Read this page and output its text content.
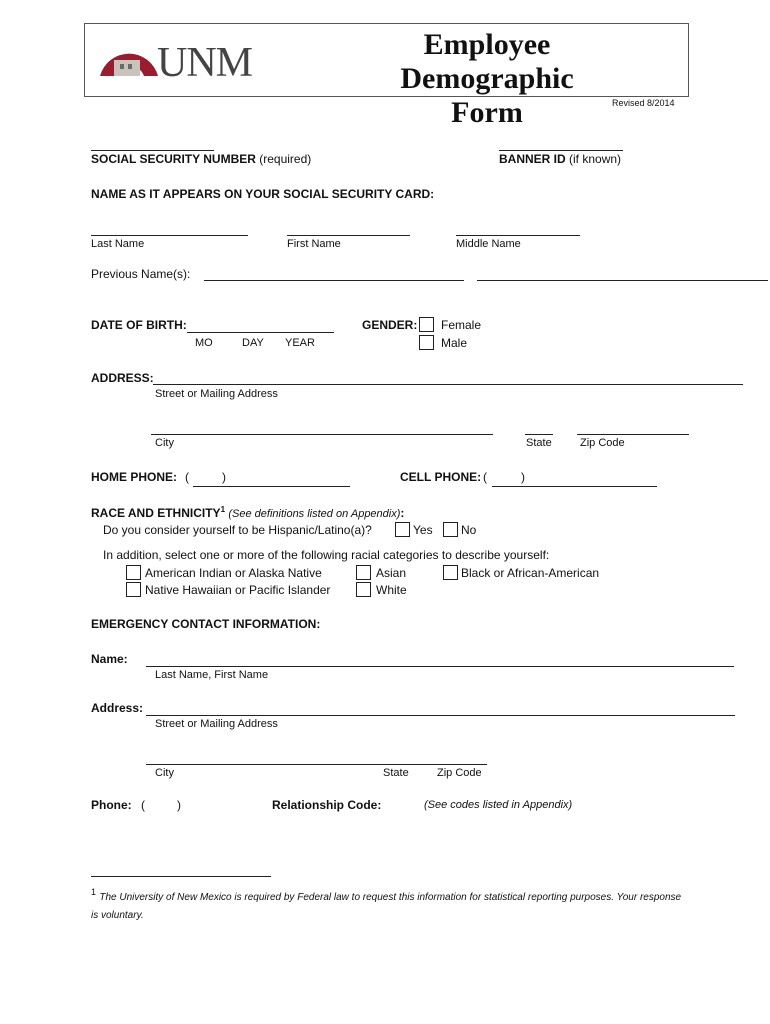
Employee Demographic
Form
UNM
Revised 8/2014
SOCIAL SECURITY NUMBER (required)	BANNER ID (if known)
NAME AS IT APPEARS ON YOUR SOCIAL SECURITY CARD:
Last Name	First Name	Middle Name
Previous Name(s):
DATE OF BIRTH:
MO	DAY YEAR
GENDER: Female
Male
ADDRESS:
Street or Mailing Address
City	State	Zip Code
HOME PHONE: (	)	CELL PHONE: (	)
RACE AND ETHNICITY$^1$ (See definitions listed on Appendix):
Do you consider yourself to be Hispanic/Latino(a)?	Yes No
In addition, select one or more of the following racial categories to describe yourself:
American Indian or Alaska Native	Asian	Black or African-American
Native Hawaiian or Pacific Islander	White
EMERGENCY CONTACT INFORMATION:
Name:
Last Name, First Name
Address:
Street or Mailing Address
City	State	Zip Code
Phone: (	)	Relationship Code:	(See codes listed in Appendix)
$^1$ The University of New Mexico is required by Federal law to request this information for statistical reporting purposes. Your response is voluntary.
